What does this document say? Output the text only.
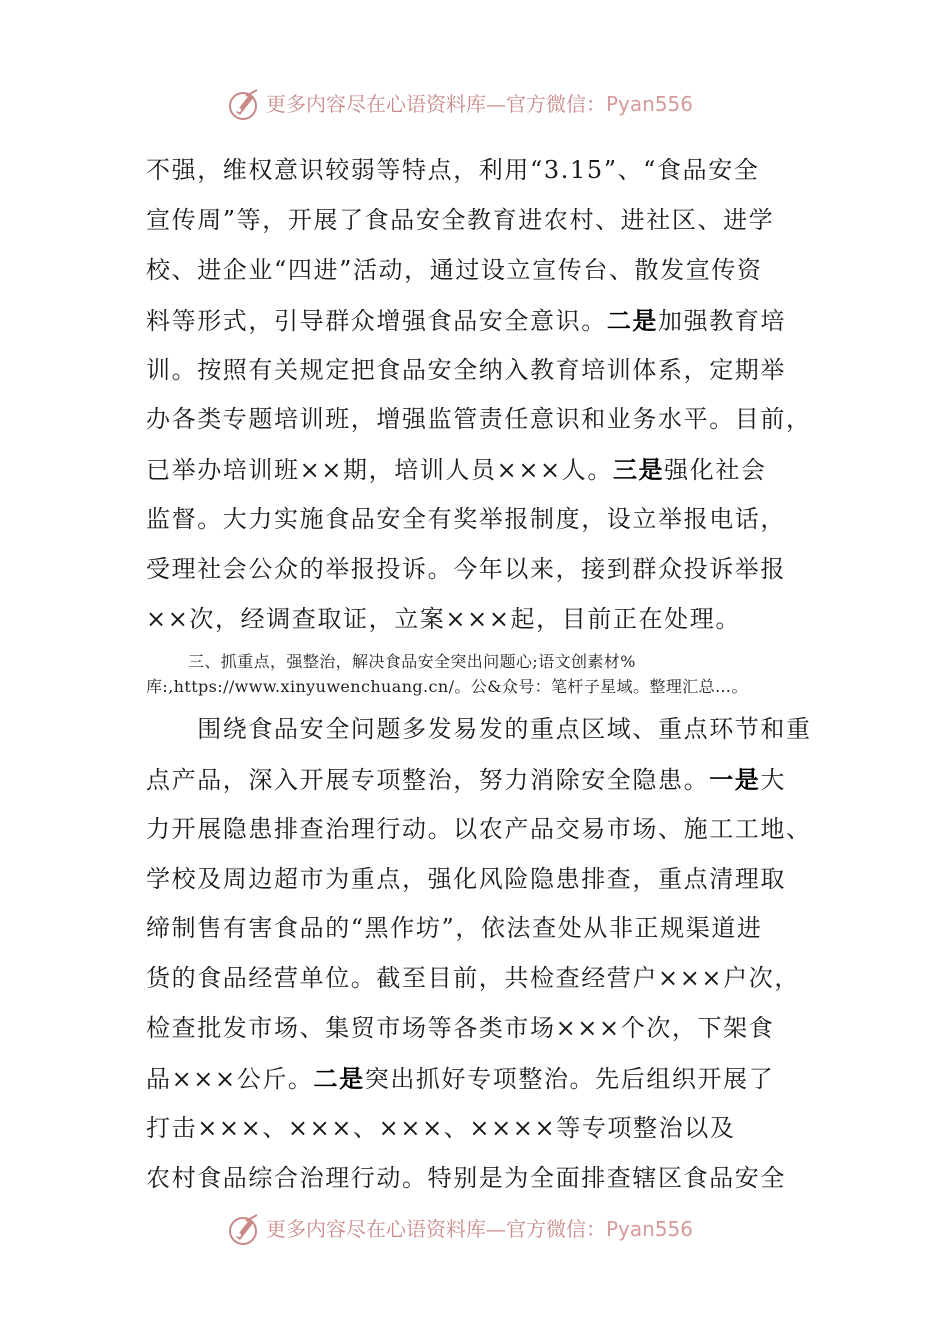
更多内容尽在心语资料库—官方微信：Pyan556
不强，维权意识较弱等特点，利用“3.15”、“食品安全
宣传周”等，开展了食品安全教育进农村、进社区、进学
校、进企业“四进”活动，通过设立宣传台、散发宣传资
料等形式，引导群众增强食品安全意识。二是加强教育培
训。按照有关规定把食品安全纳入教育培训体系，定期举
办各类专题培训班，增强监管责任意识和业务水平。目前，
已举办培训班××期，培训人员×××人。三是强化社会
监督。大力实施食品安全有奖举报制度，设立举报电话，
受理社会公众的举报投诉。今年以来，接到群众投诉举报
××次，经调查取证，立案×××起，目前正在处理。
三、抓重点，强整治，解决食品安全突出问题心;语文创素材%
库:,https://www.xinyuwenchuang.cn/。公&众号：笔杆子星域。整理汇总…。
　　围绕食品安全问题多发易发的重点区域、重点环节和重
点产品，深入开展专项整治，努力消除安全隐患。一是大
力开展隐患排查治理行动。以农产品交易市场、施工工地、
学校及周边超市为重点，强化风险隐患排查，重点清理取
缔制售有害食品的“黑作坊”，依法查处从非正规渠道进
货的食品经营单位。截至目前，共检查经营户×××户次，
检查批发市场、集贸市场等各类市场×××个次，下架食
品×××公斤。二是突出抓好专项整治。先后组织开展了
打击×××、×××、×××、××××等专项整治以及
农村食品综合治理行动。特别是为全面排查辖区食品安全
更多内容尽在心语资料库—官方微信：Pyan556
